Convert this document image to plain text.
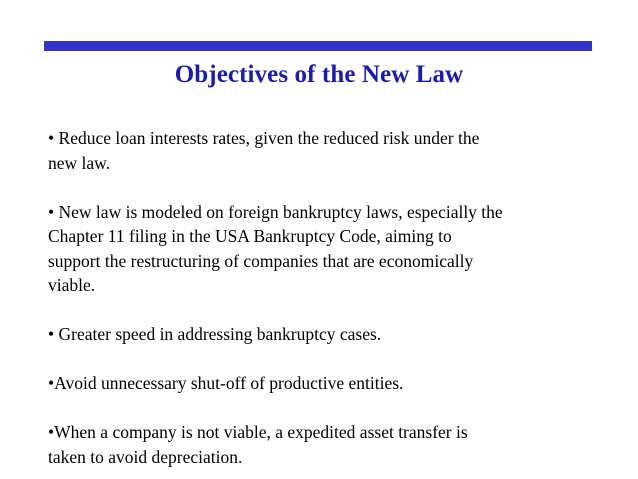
Objectives of the New Law
• Reduce loan interests rates, given the reduced risk under the
new law.
• New law is modeled on foreign bankruptcy laws, especially the
Chapter 11 filing in the USA Bankruptcy Code, aiming to
support the restructuring of companies that are economically
viable.
• Greater speed in addressing bankruptcy cases.
•Avoid unnecessary shut-off of productive entities.
•When a company is not viable, a expedited asset transfer is
taken to avoid depreciation.
